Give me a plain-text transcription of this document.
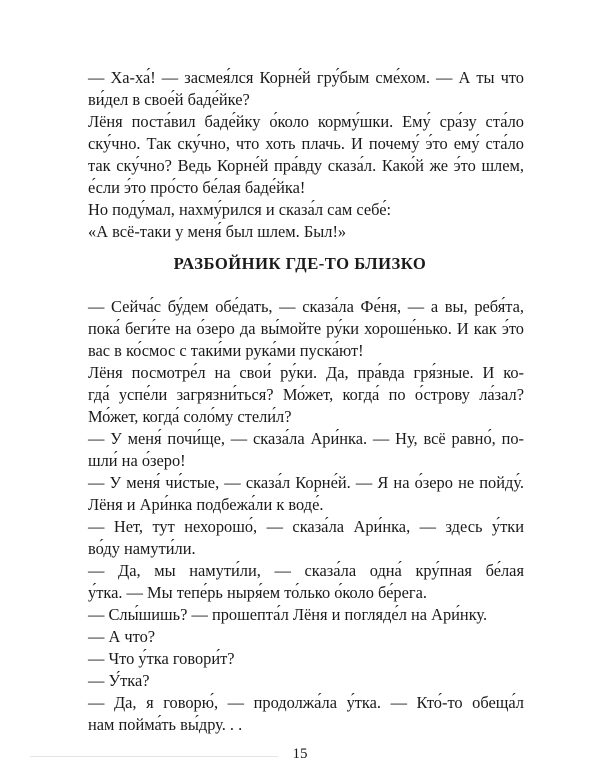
— Ха-ха́! — засмея́лся Корне́й гру́бым сме́хом. — А ты что
ви́дел в свое́й баде́йке?
Лёня поста́вил баде́йку о́коло корму́шки. Ему́ сра́зу ста́ло
ску́чно. Так ску́чно, что хоть плачь. И почему́ э́то ему́ ста́ло
так ску́чно? Ведь Корне́й пра́вду сказа́л. Како́й же э́то шлем,
е́сли э́то про́сто бе́лая баде́йка!
Но поду́мал, нахму́рился и сказа́л сам себе́:
«А всё-таки у меня́ был шлем. Был!»
РАЗБОЙНИК ГДЕ-ТО БЛИЗКО
— Сейча́с бу́дем обе́дать, — сказа́ла Фе́ня, — а вы, ребя́та,
пока́ беги́те на о́зеро да вы́мойте ру́ки хороше́нько. И как э́то
вас в ко́смос с таки́ми рука́ми пуска́ют!
Лёня посмотре́л на свои́ ру́ки. Да, пра́вда гря́зные. И ко-
гда́ успе́ли загрязни́ться? Мо́жет, когда́ по о́строву ла́зал?
Мо́жет, когда́ соло́му стели́л?
— У меня́ почи́ще, — сказа́ла Ари́нка. — Ну, всё равно́, по-
шли́ на о́зеро!
— У меня́ чи́стые, — сказа́л Корне́й. — Я на о́зеро не пойду́.
Лёня и Ари́нка подбежа́ли к воде́.
— Нет, тут нехорошо́, — сказа́ла Ари́нка, — здесь у́тки
во́ду намути́ли.
— Да, мы намути́ли, — сказа́ла одна́ кру́пная бе́лая
у́тка. — Мы тепе́рь ныря́ем то́лько о́коло бе́рега.
— Слы́шишь? — прошепта́л Лёня и погляде́л на Ари́нку.
— А что?
— Что у́тка говори́т?
— У́тка?
— Да, я говорю́, — продолжа́ла у́тка. — Кто́-то обеща́л
нам пойма́ть вы́дру. . .
15
